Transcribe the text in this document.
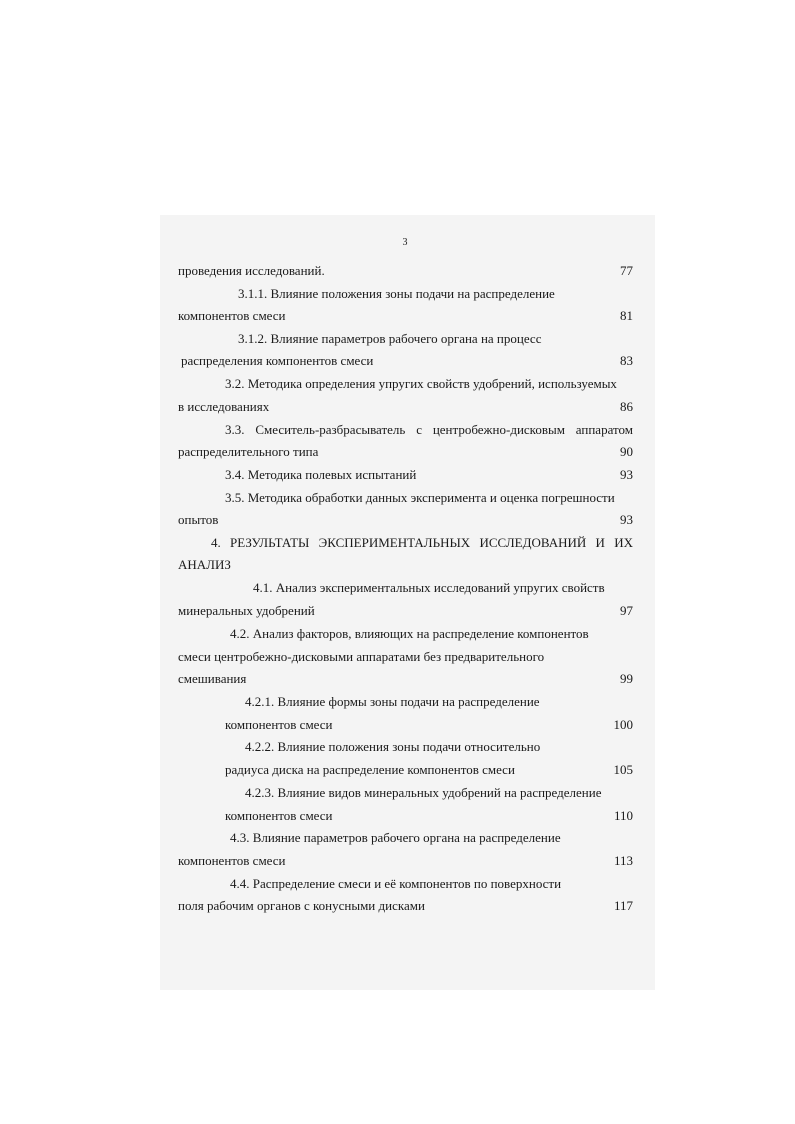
3
проведения исследований.	77
3.1.1. Влияние положения зоны подачи на распределение
компонентов смеси	81
3.1.2. Влияние параметров рабочего органа на процесс
распределения компонентов смеси	83
3.2. Методика определения упругих свойств удобрений, используемых
в исследованиях	86
3.3. Смеситель-разбрасыватель с центробежно-дисковым аппаратом
распределительного типа	90
3.4. Методика полевых испытаний	93
3.5. Методика обработки данных эксперимента и оценка погрешности
опытов	93
4. РЕЗУЛЬТАТЫ ЭКСПЕРИМЕНТАЛЬНЫХ ИССЛЕДОВАНИЙ И ИХ
АНАЛИЗ
4.1. Анализ экспериментальных исследований упругих свойств
минеральных удобрений	97
4.2. Анализ факторов, влияющих на распределение компонентов
смеси центробежно-дисковыми аппаратами без предварительного
смешивания	99
4.2.1. Влияние формы зоны подачи на распределение
компонентов смеси	100
4.2.2. Влияние положения зоны подачи относительно
радиуса диска на распределение компонентов смеси	105
4.2.3. Влияние видов минеральных удобрений на распределение
компонентов смеси	110
4.3. Влияние параметров рабочего органа на распределение
компонентов смеси	113
4.4. Распределение смеси и её компонентов по поверхности
поля рабочим органов с конусными дисками	117
